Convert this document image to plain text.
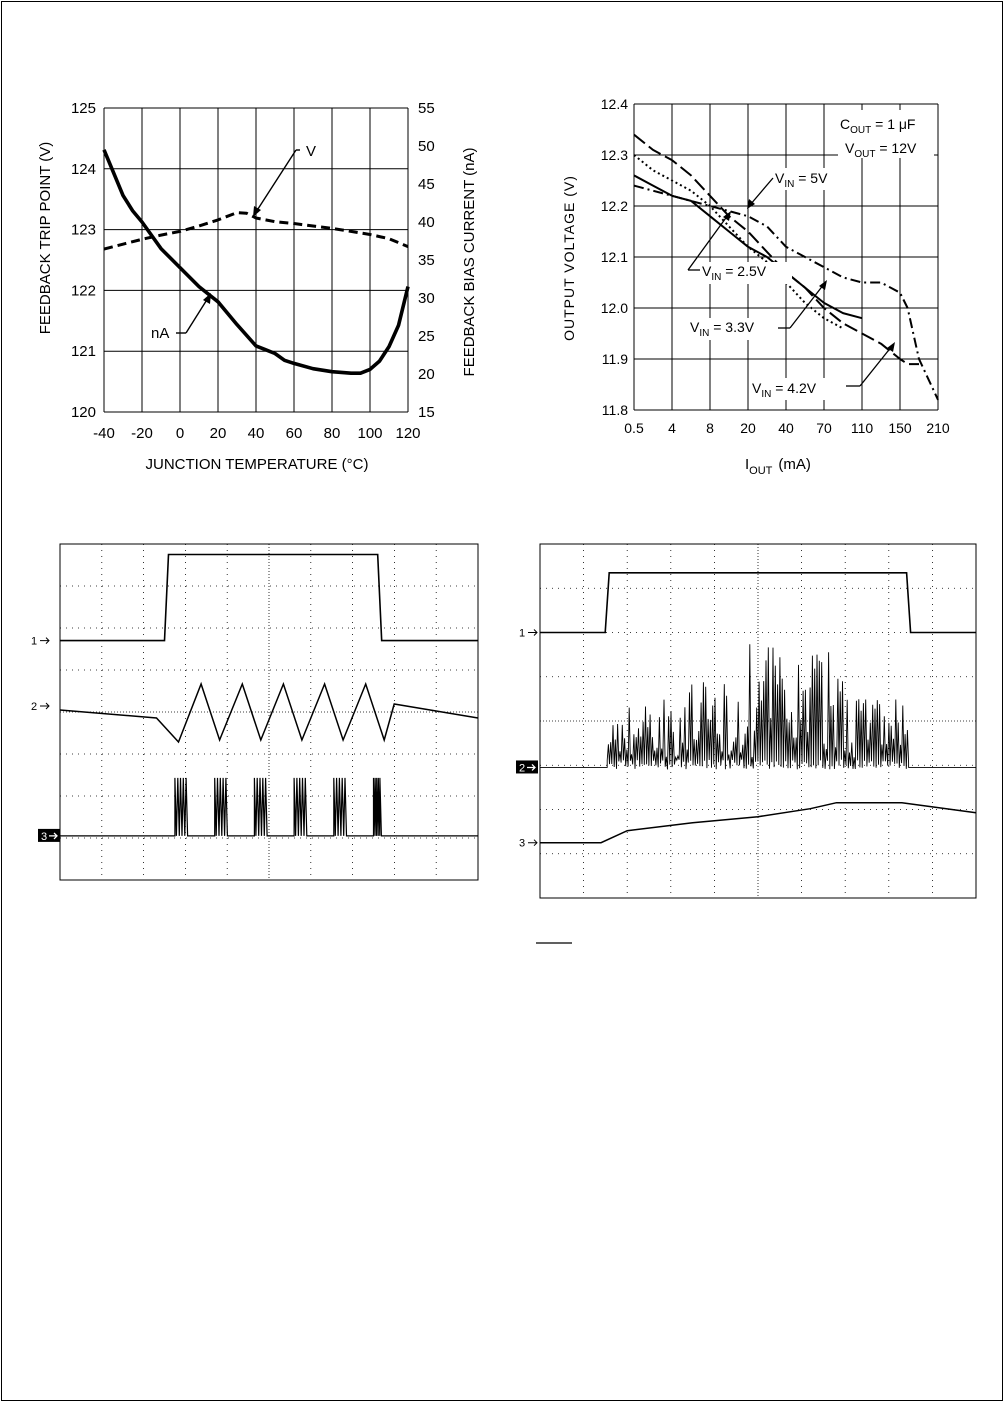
-40 -20 0 20 40 60 80 100 120
120
121
122
123
124
125
15
20
25
30
35
40
45
50
55
FEEDBACK TRIP POINT (V)	FEEDBACK BIAS CURRENT (nA)
JUNCTION TEMPERATURE (°C)
V
nA
0.5 4 8 20 40 70 110 150 210
11.8
11.9
12.0
12.1
12.2
12.3
12.4
OUTPUT VOLTAGE (V)
$I_{OUT}$ (mA)
$C_{OUT} = 1$ μF
$V_{OUT} = 12V$
$V_{IN} = 5V$
$V_{IN} = 2.5V$
$V_{IN} = 3.3V$
$V_{IN} = 4.2V$
1
2
3
1
2
3
